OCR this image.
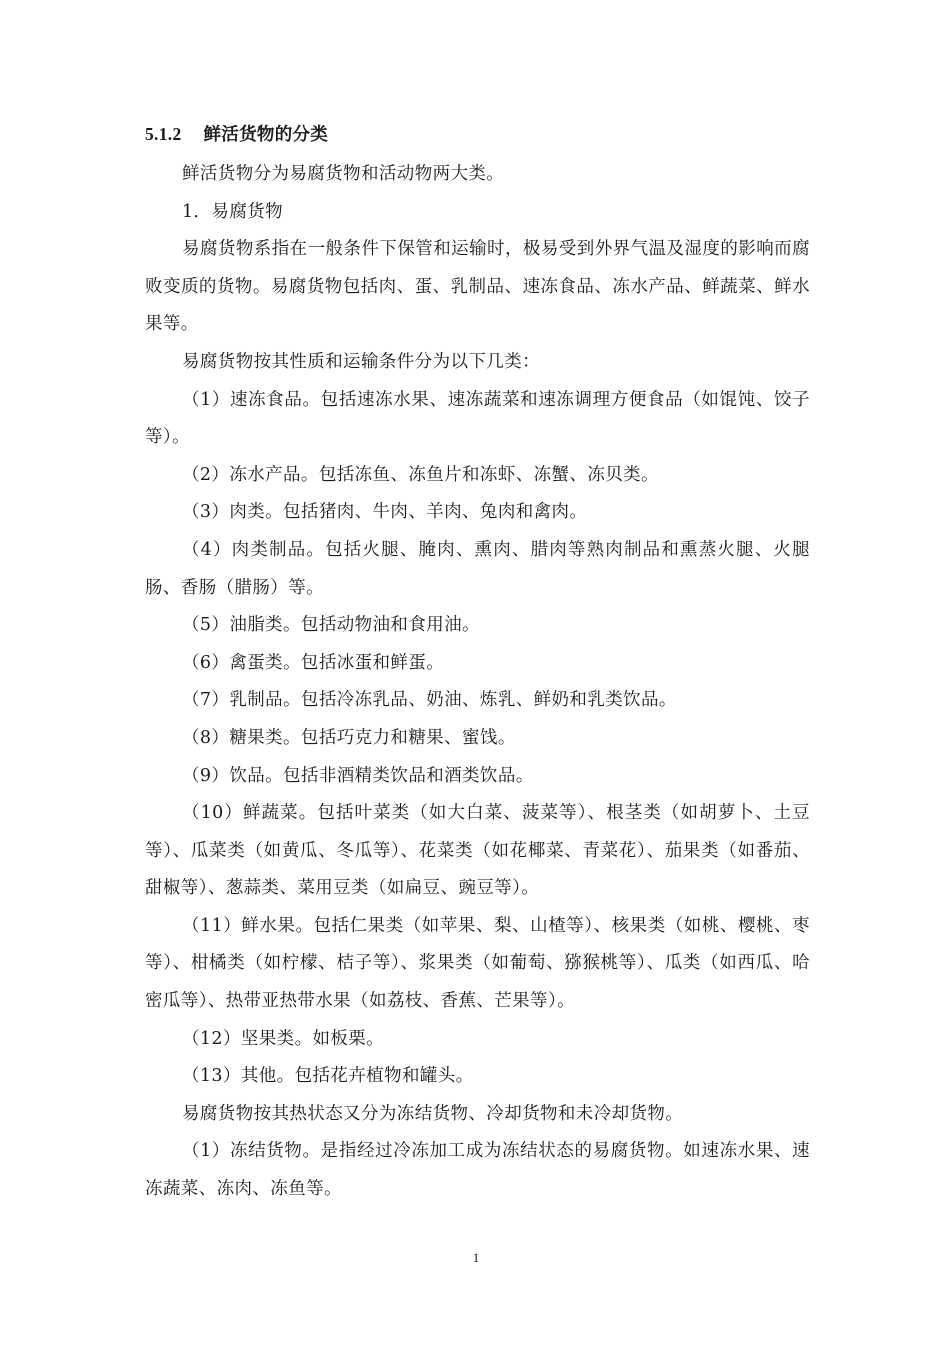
5.1.2 鲜活货物的分类

鲜活货物分为易腐货物和活动物两大类。

1．易腐货物

易腐货物系指在一般条件下保管和运输时，极易受到外界气温及湿度的影响而腐败变质的货物。易腐货物包括肉、蛋、乳制品、速冻食品、冻水产品、鲜蔬菜、鲜水果等。

易腐货物按其性质和运输条件分为以下几类：

（1）速冻食品。包括速冻水果、速冻蔬菜和速冻调理方便食品（如馄饨、饺子等）。

（2）冻水产品。包括冻鱼、冻鱼片和冻虾、冻蟹、冻贝类。

（3）肉类。包括猪肉、牛肉、羊肉、兔肉和禽肉。

（4）肉类制品。包括火腿、腌肉、熏肉、腊肉等熟肉制品和熏蒸火腿、火腿肠、香肠（腊肠）等。

（5）油脂类。包括动物油和食用油。

（6）禽蛋类。包括冰蛋和鲜蛋。

（7）乳制品。包括冷冻乳品、奶油、炼乳、鲜奶和乳类饮品。

（8）糖果类。包括巧克力和糖果、蜜饯。

（9）饮品。包括非酒精类饮品和酒类饮品。

（10）鲜蔬菜。包括叶菜类（如大白菜、菠菜等）、根茎类（如胡萝卜、土豆等）、瓜菜类（如黄瓜、冬瓜等）、花菜类（如花椰菜、青菜花）、茄果类（如番茄、甜椒等）、葱蒜类、菜用豆类（如扁豆、豌豆等）。

（11）鲜水果。包括仁果类（如苹果、梨、山楂等）、核果类（如桃、樱桃、枣等）、柑橘类（如柠檬、桔子等）、浆果类（如葡萄、猕猴桃等）、瓜类（如西瓜、哈密瓜等）、热带亚热带水果（如荔枝、香蕉、芒果等）。

（12）坚果类。如板栗。

（13）其他。包括花卉植物和罐头。

易腐货物按其热状态又分为冻结货物、冷却货物和未冷却货物。

（1）冻结货物。是指经过冷冻加工成为冻结状态的易腐货物。如速冻水果、速冻蔬菜、冻肉、冻鱼等。

1
